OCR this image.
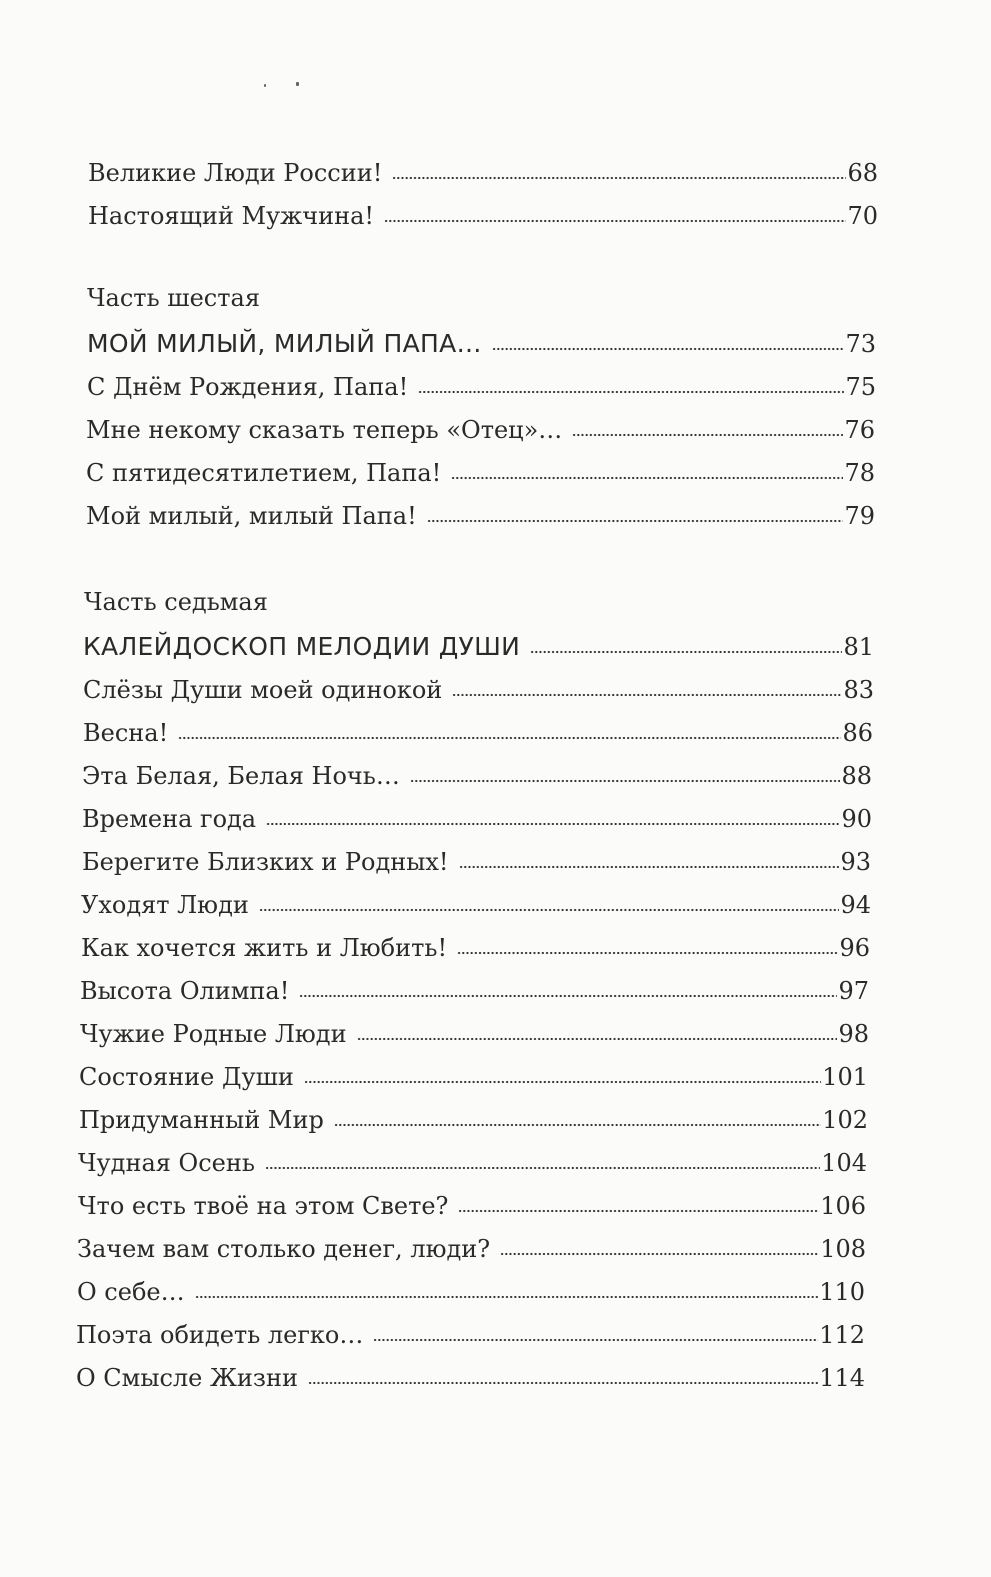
Великие Люди России!	68
Настоящий Мужчина!	70
Часть шестая
МОЙ МИЛЫЙ, МИЛЫЙ ПАПА…	73
С Днём Рождения, Папа!	75
Мне некому сказать теперь «Отец»…	76
С пятидесятилетием, Папа!	78
Мой милый, милый Папа!	79
Часть седьмая
КАЛЕЙДОСКОП МЕЛОДИИ ДУШИ	81
Слёзы Души моей одинокой	83
Весна!	86
Эта Белая, Белая Ночь…	88
Времена года	90
Берегите Близких и Родных!	93
Уходят Люди	94
Как хочется жить и Любить!	96
Высота Олимпа!	97
Чужие Родные Люди	98
Состояние Души	101
Придуманный Мир	102
Чудная Осень	104
Что есть твоё на этом Свете?	106
Зачем вам столько денег, люди?	108
О себе…	110
Поэта обидеть легко…	112
О Смысле Жизни	114
